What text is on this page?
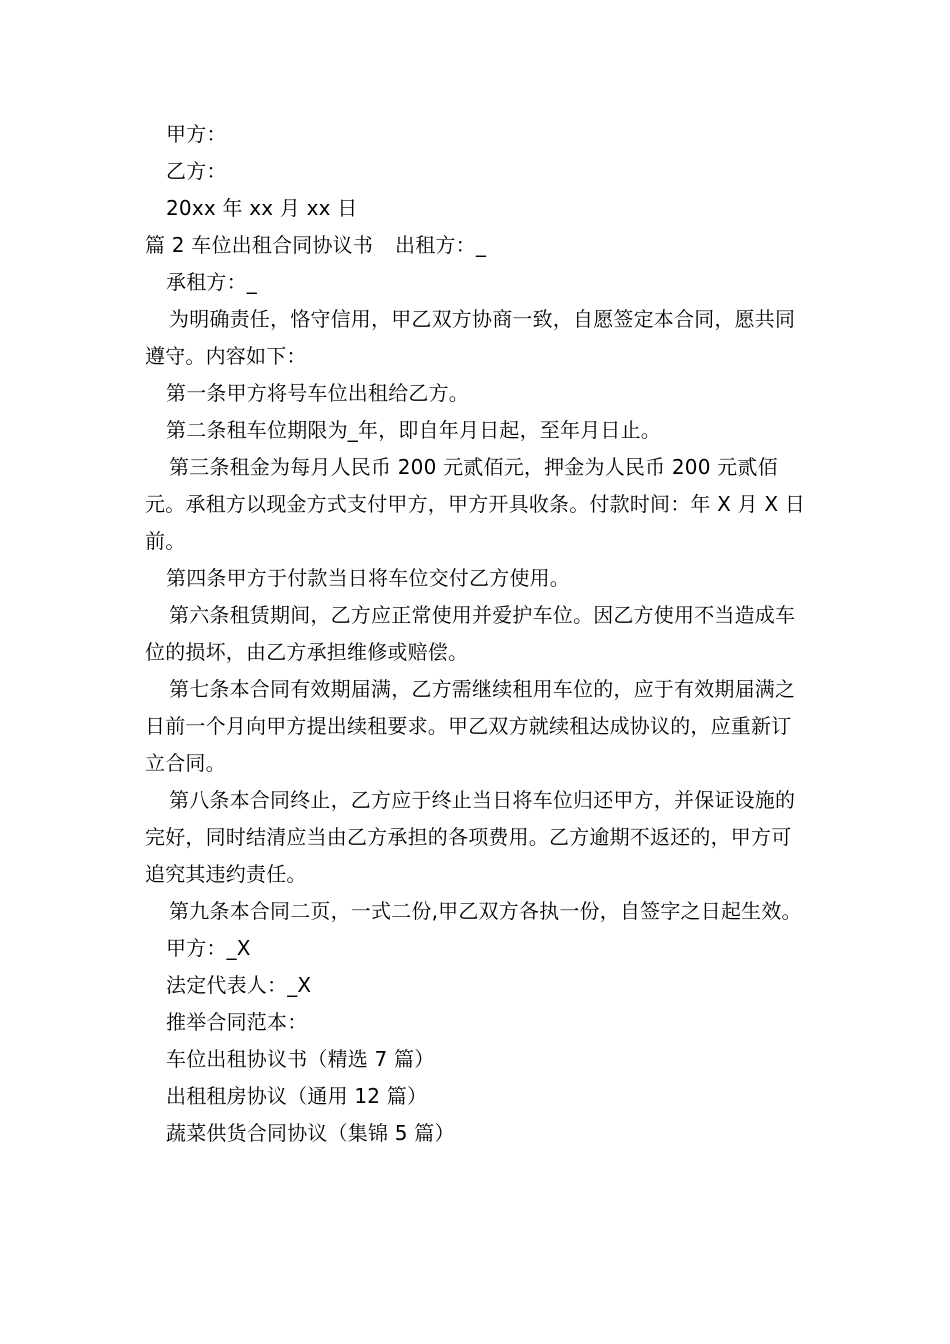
甲方：
乙方：
20xx 年 xx 月 xx 日
篇 2 车位出租合同协议书 出租方：_
承租方：_
为明确责任，恪守信用，甲乙双方协商一致，自愿签定本合同，愿共同遵守。内容如下：
第一条甲方将号车位出租给乙方。
第二条租车位期限为_年，即自年月日起，至年月日止。
第三条租金为每月人民币 200 元贰佰元，押金为人民币 200 元贰佰元。承租方以现金方式支付甲方，甲方开具收条。付款时间：年 X 月 X 日前。
第四条甲方于付款当日将车位交付乙方使用。
第六条租赁期间，乙方应正常使用并爱护车位。因乙方使用不当造成车位的损坏，由乙方承担维修或赔偿。
第七条本合同有效期届满，乙方需继续租用车位的，应于有效期届满之日前一个月向甲方提出续租要求。甲乙双方就续租达成协议的，应重新订立合同。
第八条本合同终止，乙方应于终止当日将车位归还甲方，并保证设施的完好，同时结清应当由乙方承担的各项费用。乙方逾期不返还的，甲方可追究其违约责任。
第九条本合同二页，一式二份,甲乙双方各执一份，自签字之日起生效。
甲方：_X
法定代表人：_X
推举合同范本：
车位出租协议书（精选 7 篇）
出租租房协议（通用 12 篇）
蔬菜供货合同协议（集锦 5 篇）
